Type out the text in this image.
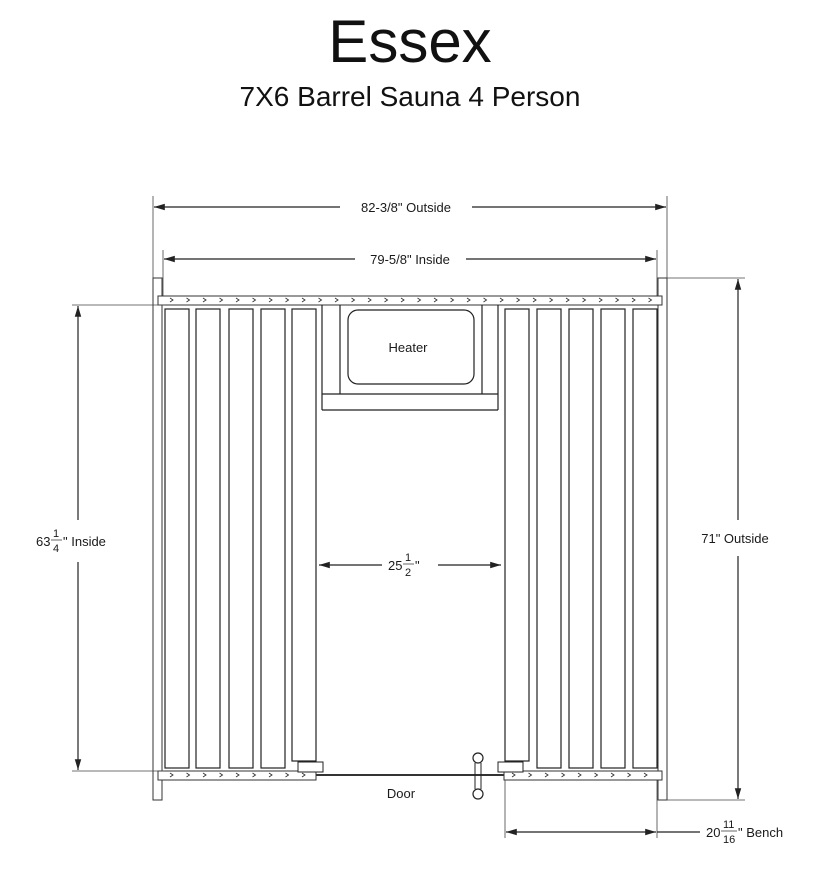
Essex
7X6 Barrel Sauna 4 Person
82-3/8" Outside
79-5/8" Inside
Heater
Door
25 1
2 "
63 1
4 " Inside	71" Outside
20 11
16 " Bench
